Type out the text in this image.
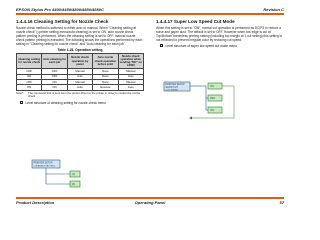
EPSON Stylus Pro 4400/4450/4800/4880/4880C	Revision C
1.4.4.16 Cleaning Setting for Nozzle Check
Nozzle check method is switched to either auto or manual. When "Cleaning setting at nozzle check" (=printer setting menu/auto cleaning) is set to ON, auto nozzle check pattern printing is performed. When the cleaning setting is set to OFF, manual nozzle check pattern printing is executed. The following shows the operations performed by each setting in "Cleaning setting for nozzle check" and "Auto cleaning for each job".
Table 1-28. Operation setting
Cleaning setting for nozzle check	Auto cleaning for each job	Nozzle check operation by panel	Auto nozzle check operation before print	Nozzle check operation when sending "NC" on I-2000
OFF	OFF	Manual	None	Manual
ON	OFF	Auto	None	Auto
OFF	ON	Manual	None	Manual
ON	ON	Auto	Execute	Auto
Note*:	The command that is sent from the printer driver to the printer in order to control the nozzle check.
Level structure of cleaning setting for nozzle check menu
1.4.4.17 Super Low Speed Cut Mode
When this setting is set to "ON", normal cut operation is performed as DC/P3 to reduce a noise and paper dust. The default is set to OFF. However when low edge is cut at Top/Bottom borderless printing setting (including top margin at 1 cut setting) this setting is not reflected to prevent irregular color by reducing cut speed.
Level structure of super low speed cut mode menu
PRINTER SETUP
SLOW CUT
CUT SPEED
ON
OFF
ON
PRINTER SETUP
CLEANING SETTING
[1]
[2]
Product Description	Operating Panel	57
